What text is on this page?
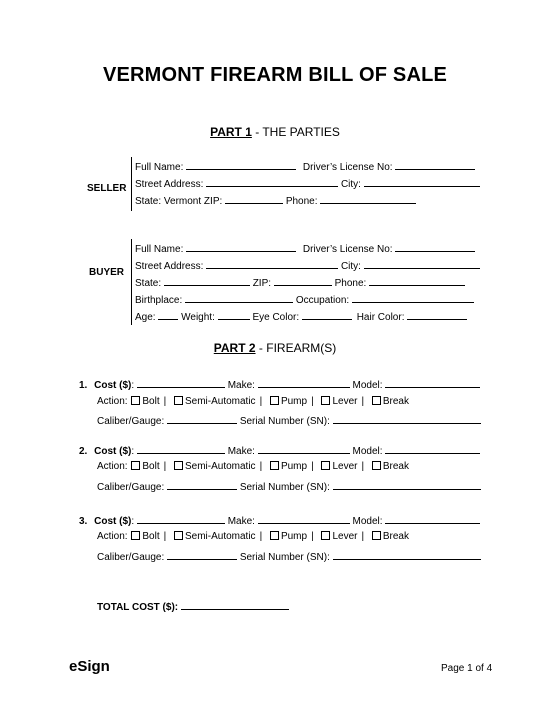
VERMONT FIREARM BILL OF SALE
PART 1 - THE PARTIES
SELLER
Full Name:	Driver’s License No:
Street Address:	City:
State: Vermont ZIP:	Phone:
BUYER
Full Name:	Driver’s License No:
Street Address:	City:
State:	ZIP:	Phone:
Birthplace:	Occupation:
Age:	Weight:	Eye Color:	Hair Color:
PART 2 - FIREARM(S)
1. Cost ($):	Make:	Model:
Action: Bolt | Semi-Automatic | Pump | Lever | Break
Caliber/Gauge:	Serial Number (SN):
2. Cost ($):	Make:	Model:
Action: Bolt | Semi-Automatic | Pump | Lever | Break
Caliber/Gauge:	Serial Number (SN):
3. Cost ($):	Make:	Model:
Action: Bolt | Semi-Automatic | Pump | Lever | Break
Caliber/Gauge:	Serial Number (SN):
TOTAL COST ($):
eSign	Page 1 of 4
